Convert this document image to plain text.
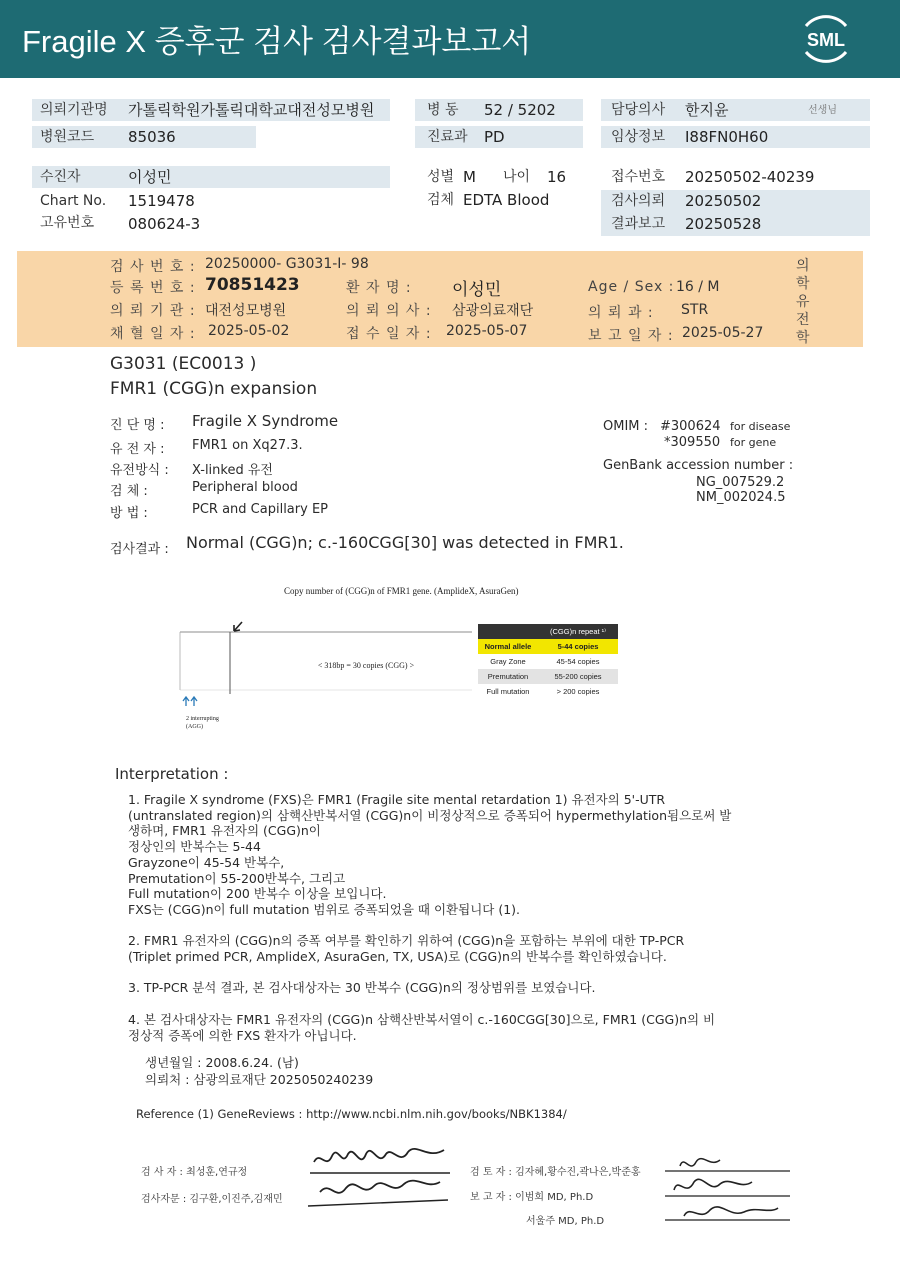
Fragile X 증후군 검사 검사결과보고서	SML
의뢰기관명 가톨릭학원가톨릭대학교대전성모병원
병원코드 85036
병 동 52 / 5202
진료과 PD
담당의사 한지윤	선생님
임상정보 I88FN0H60
수진자	이성민
Chart No. 1519478
고유번호 080624-3
성별 M	나이 16
검체 EDTA Blood
접수번호 20250502-40239
검사의뢰 20250502
결과보고 20250528
검 사 번 호 : 20250000- G3031-I- 98
등 록 번 호 : 70851423	환 자 명 : 이성민	Age / Sex : 16 / M
의 뢰 기 관 : 대전성모병원	의 뢰 의 사 : 삼광의료재단	의 뢰 과 : STR
채 혈 일 자 : 2025-05-02	접 수 일 자 : 2025-05-07	보 고 일 자 : 2025-05-27
의
학
유
전
학
G3031 (EC0013 )
FMR1 (CGG)n expansion
진 단 명 : Fragile X Syndrome
유 전 자 : FMR1 on Xq27.3.
유전방식 : X-linked 유전
검 체 :	Peripheral blood
방 법 :	PCR and Capillary EP
OMIM : #300624 for disease
*309550 for gene
GenBank accession number :
NG_007529.2
NM_002024.5
검사결과 : Normal (CGG)n; c.-160CGG[30] was detected in FMR1.
Copy number of (CGG)n of FMR1 gene. (AmplideX, AsuraGen)
< 318bp = 30 copies (CGG) >
2 interrupting
(AGG)
(CGG)n repeat ¹⁾
Normal allele	5-44 copies
Gray Zone	45-54 copies
Premutation	55-200 copies
Full mutation	> 200 copies
Interpretation :
1. Fragile X syndrome (FXS)은 FMR1 (Fragile site mental retardation 1) 유전자의 5'-UTR
(untranslated region)의 삼핵산반복서열 (CGG)n이 비정상적으로 증폭되어 hypermethylation됨으로써 발
생하며, FMR1 유전자의 (CGG)n이
정상인의 반복수는 5-44
Grayzone이 45-54 반복수,
Premutation이 55-200반복수, 그리고
Full mutation이 200 반복수 이상을 보입니다.
FXS는 (CGG)n이 full mutation 범위로 증폭되었을 때 이환됩니다 (1).
2. FMR1 유전자의 (CGG)n의 증폭 여부를 확인하기 위하여 (CGG)n을 포함하는 부위에 대한 TP-PCR
(Triplet primed PCR, AmplideX, AsuraGen, TX, USA)로 (CGG)n의 반복수를 확인하였습니다.
3. TP-PCR 분석 결과, 본 검사대상자는 30 반복수 (CGG)n의 정상범위를 보였습니다.
4. 본 검사대상자는 FMR1 유전자의 (CGG)n 삼핵산반복서열이 c.-160CGG[30]으로, FMR1 (CGG)n의 비
정상적 증폭에 의한 FXS 환자가 아닙니다.
생년월일 : 2008.6.24. (남)
의뢰처 : 삼광의료재단 2025050240239
Reference (1) GeneReviews : http://www.ncbi.nlm.nih.gov/books/NBK1384/
검 사 자 : 최성훈,연규정
검사자문 : 김구환,이진주,김재민
검 토 자 : 김자혜,황수진,곽나은,박준홍
보 고 자 : 이범희 MD, Ph.D
서울주 MD, Ph.D
